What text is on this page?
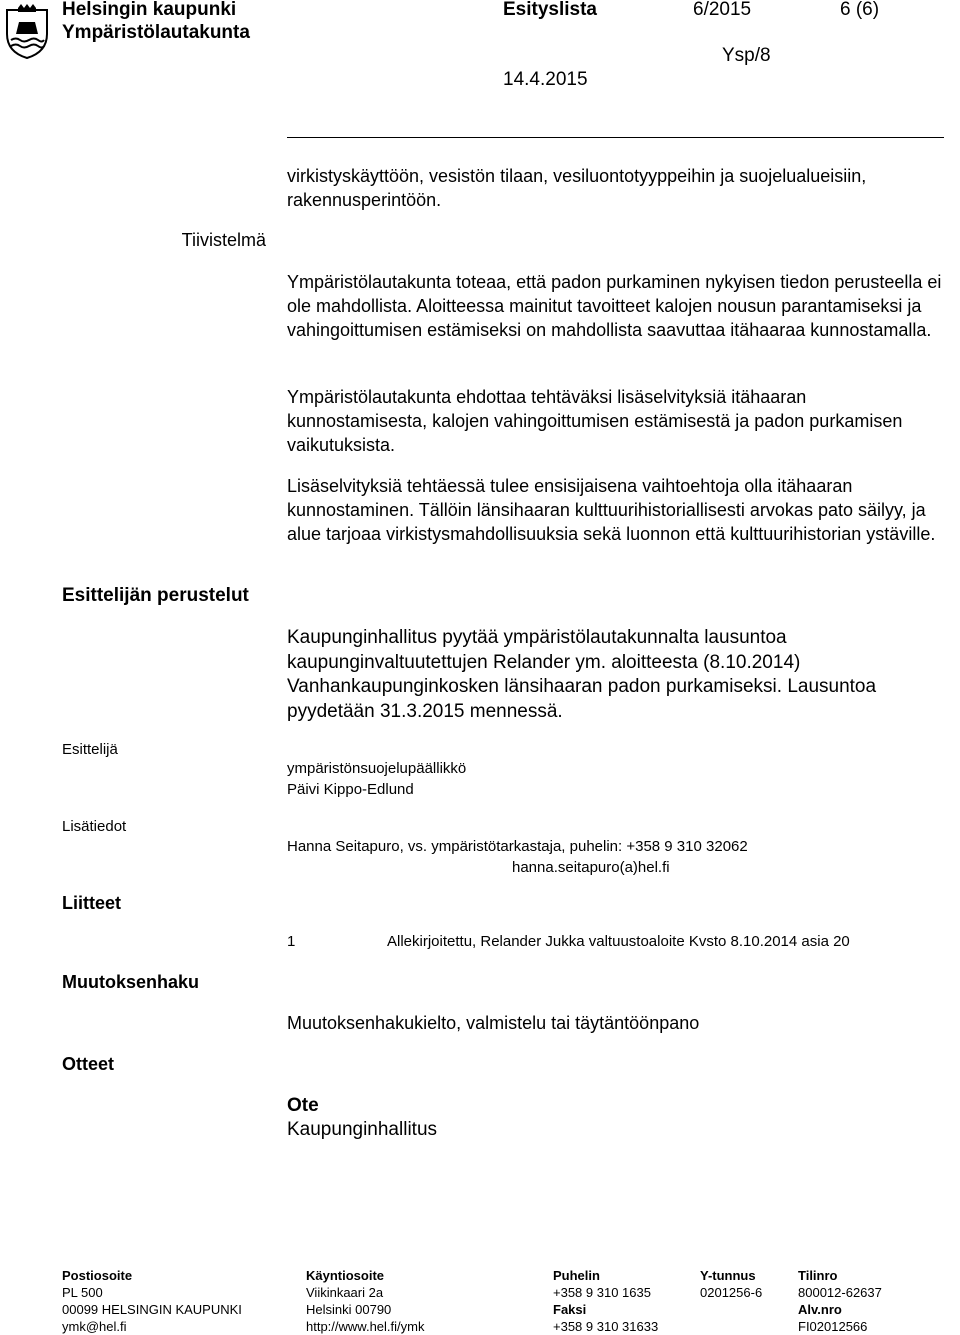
Helsingin kaupunki
Ympäristölautakunta
Esityslista	6/2015	6 (6)
Ysp/8
14.4.2015
virkistyskäyttöön, vesistön tilaan, vesiluontotyyppeihin ja suojelualueisiin, rakennusperintöön.
Tiivistelmä
Ympäristölautakunta toteaa, että padon purkaminen nykyisen tiedon perusteella ei ole mahdollista. Aloitteessa mainitut tavoitteet kalojen nousun parantamiseksi ja vahingoittumisen estämiseksi on mahdollista saavuttaa itähaaraa kunnostamalla.
Ympäristölautakunta ehdottaa tehtäväksi lisäselvityksiä itähaaran kunnostamisesta, kalojen vahingoittumisen estämisestä ja padon purkamisen vaikutuksista.
Lisäselvityksiä tehtäessä tulee ensisijaisena vaihtoehtoja olla itähaaran kunnostaminen. Tällöin länsihaaran kulttuurihistoriallisesti arvokas pato säilyy, ja alue tarjoaa virkistysmahdollisuuksia sekä luonnon että kulttuurihistorian ystäville.
Esittelijän perustelut
Kaupunginhallitus pyytää ympäristölautakunnalta lausuntoa kaupunginvaltuutettujen Relander ym. aloitteesta (8.10.2014) Vanhankaupunginkosken länsihaaran padon purkamiseksi. Lausuntoa pyydetään 31.3.2015 mennessä.
Esittelijä
ympäristönsuojelupäällikkö
Päivi Kippo-Edlund
Lisätiedot
Hanna Seitapuro, vs. ympäristötarkastaja, puhelin: +358 9 310 32062
hanna.seitapuro(a)hel.fi
Liitteet
1	Allekirjoitettu, Relander Jukka valtuustoaloite Kvsto 8.10.2014 asia 20
Muutoksenhaku
Muutoksenhakukielto, valmistelu tai täytäntöönpano
Otteet
Ote
Kaupunginhallitus
Postiosoite
PL 500
00099 HELSINGIN KAUPUNKI
ymk@hel.fi
Käyntiosoite
Viikinkaari 2a
Helsinki 00790
http://www.hel.fi/ymk
Puhelin
+358 9 310 1635
Faksi
+358 9 310 31633
Y-tunnus
0201256-6
Tilinro
800012-62637
Alv.nro
FI02012566
